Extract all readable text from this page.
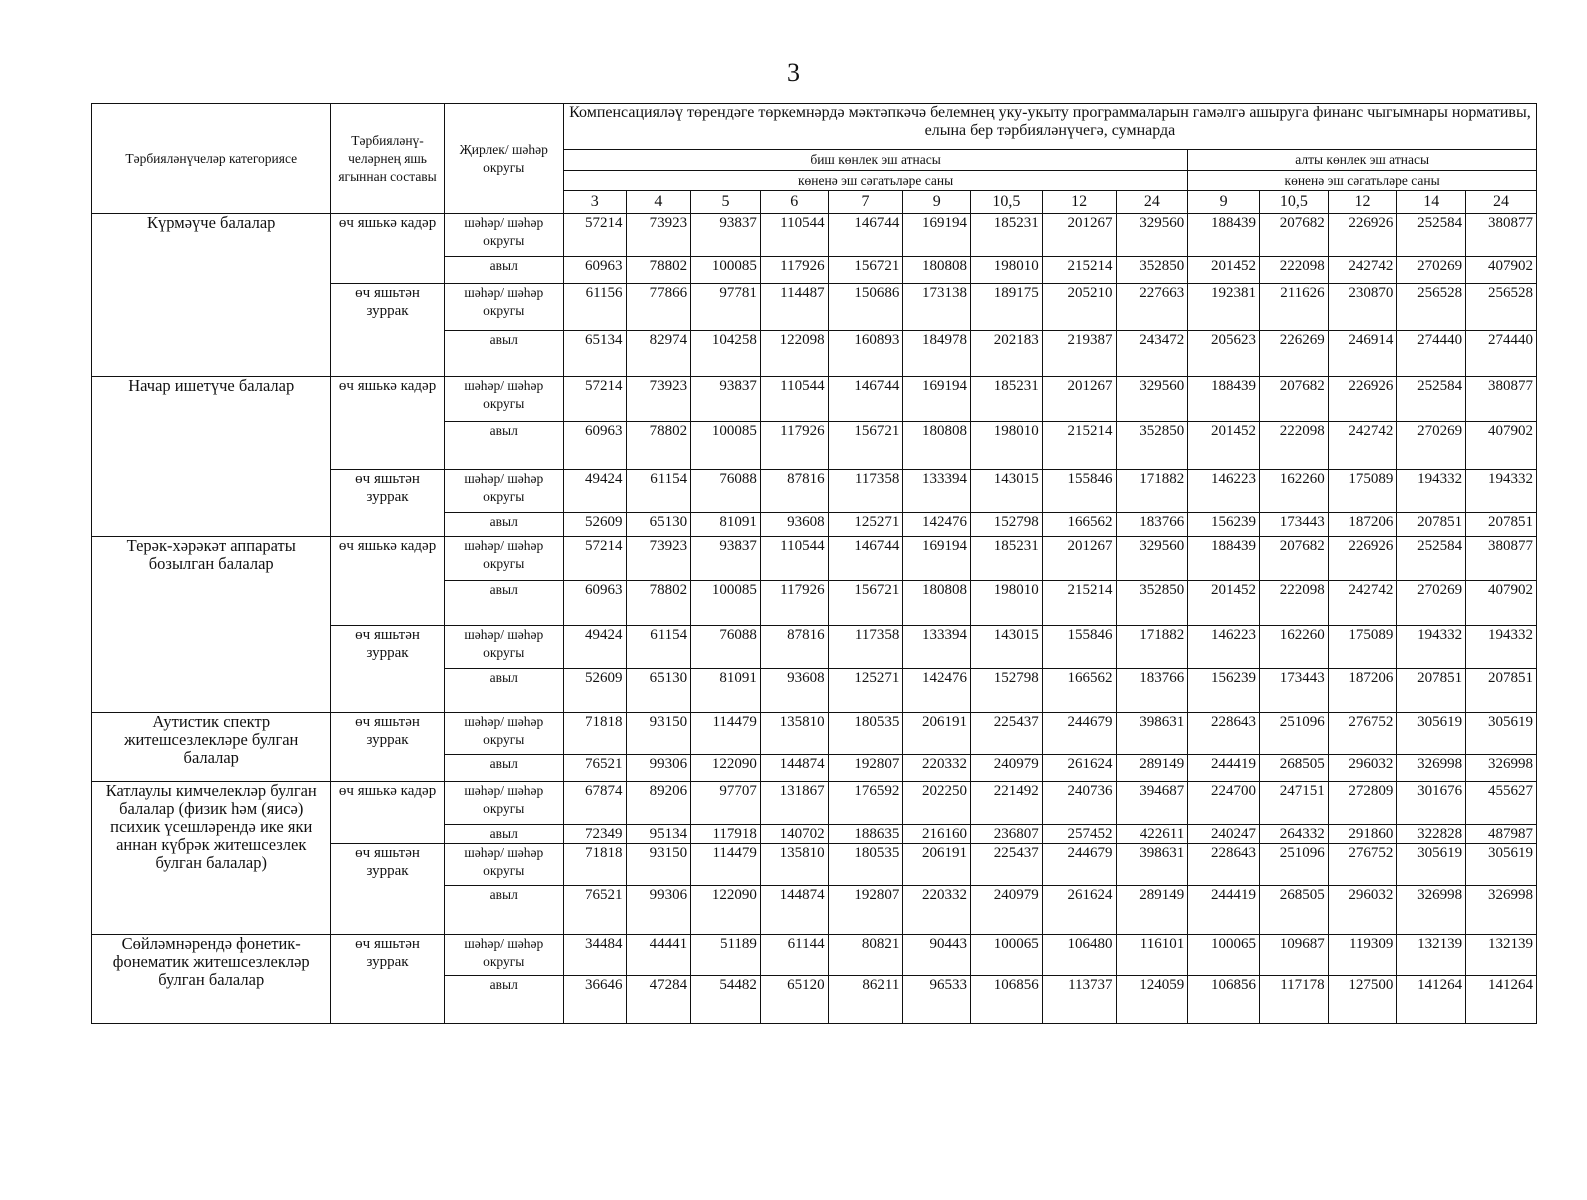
3
Тәрбияләнүчеләр категориясе	Тәрбияләнү-челәрнең яшь ягыннан составы	Җирлек/ шәһәр округы	Компенсацияләү төрендәге төркемнәрдә мәктәпкәчә белемнең уку-укыту программаларын гамәлгә ашыруга финанс чыгымнары нормативы, елына бер тәрбияләнүчегә, сумнарда													
			биш көнлек эш атнасы									алты көнлек эш атнасы				
			көненә эш сәгатьләре саны									көненә эш сәгатьләре саны				
			3	4	5	6	7	9	10,5	12	24	9	10,5	12	14	24
Күрмәүче балалар	өч яшькә кадәр	шәһәр/ шәһәр округы	57214	73923	93837	110544	146744	169194	185231	201267	329560	188439	207682	226926	252584	380877
		авыл	60963	78802	100085	117926	156721	180808	198010	215214	352850	201452	222098	242742	270269	407902
	өч яшьтән зуррак	шәһәр/ шәһәр округы	61156	77866	97781	114487	150686	173138	189175	205210	227663	192381	211626	230870	256528	256528
		авыл	65134	82974	104258	122098	160893	184978	202183	219387	243472	205623	226269	246914	274440	274440
Начар ишетүче балалар	өч яшькә кадәр	шәһәр/ шәһәр округы	57214	73923	93837	110544	146744	169194	185231	201267	329560	188439	207682	226926	252584	380877
		авыл	60963	78802	100085	117926	156721	180808	198010	215214	352850	201452	222098	242742	270269	407902
	өч яшьтән зуррак	шәһәр/ шәһәр округы	49424	61154	76088	87816	117358	133394	143015	155846	171882	146223	162260	175089	194332	194332
		авыл	52609	65130	81091	93608	125271	142476	152798	166562	183766	156239	173443	187206	207851	207851
Терәк-хәрәкәт аппараты бозылган балалар	өч яшькә кадәр	шәһәр/ шәһәр округы	57214	73923	93837	110544	146744	169194	185231	201267	329560	188439	207682	226926	252584	380877
		авыл	60963	78802	100085	117926	156721	180808	198010	215214	352850	201452	222098	242742	270269	407902
	өч яшьтән зуррак	шәһәр/ шәһәр округы	49424	61154	76088	87816	117358	133394	143015	155846	171882	146223	162260	175089	194332	194332
		авыл	52609	65130	81091	93608	125271	142476	152798	166562	183766	156239	173443	187206	207851	207851
Аутистик спектр житешсезлекләре булган балалар	өч яшьтән зуррак	шәһәр/ шәһәр округы	71818	93150	114479	135810	180535	206191	225437	244679	398631	228643	251096	276752	305619	305619
		авыл	76521	99306	122090	144874	192807	220332	240979	261624	289149	244419	268505	296032	326998	326998
Катлаулы кимчелекләр булган балалар (физик һәм (яисә) психик үсешләрендә ике яки аннан күбрәк житешсезлек булган балалар)	өч яшькә кадәр	шәһәр/ шәһәр округы	67874	89206	97707	131867	176592	202250	221492	240736	394687	224700	247151	272809	301676	455627
		авыл	72349	95134	117918	140702	188635	216160	236807	257452	422611	240247	264332	291860	322828	487987
	өч яшьтән зуррак	шәһәр/ шәһәр округы	71818	93150	114479	135810	180535	206191	225437	244679	398631	228643	251096	276752	305619	305619
		авыл	76521	99306	122090	144874	192807	220332	240979	261624	289149	244419	268505	296032	326998	326998
Сөйләмнәрендә фонетик-фонематик житешсезлекләр булган балалар	өч яшьтән зуррак	шәһәр/ шәһәр округы	34484	44441	51189	61144	80821	90443	100065	106480	116101	100065	109687	119309	132139	132139
		авыл	36646	47284	54482	65120	86211	96533	106856	113737	124059	106856	117178	127500	141264	141264
